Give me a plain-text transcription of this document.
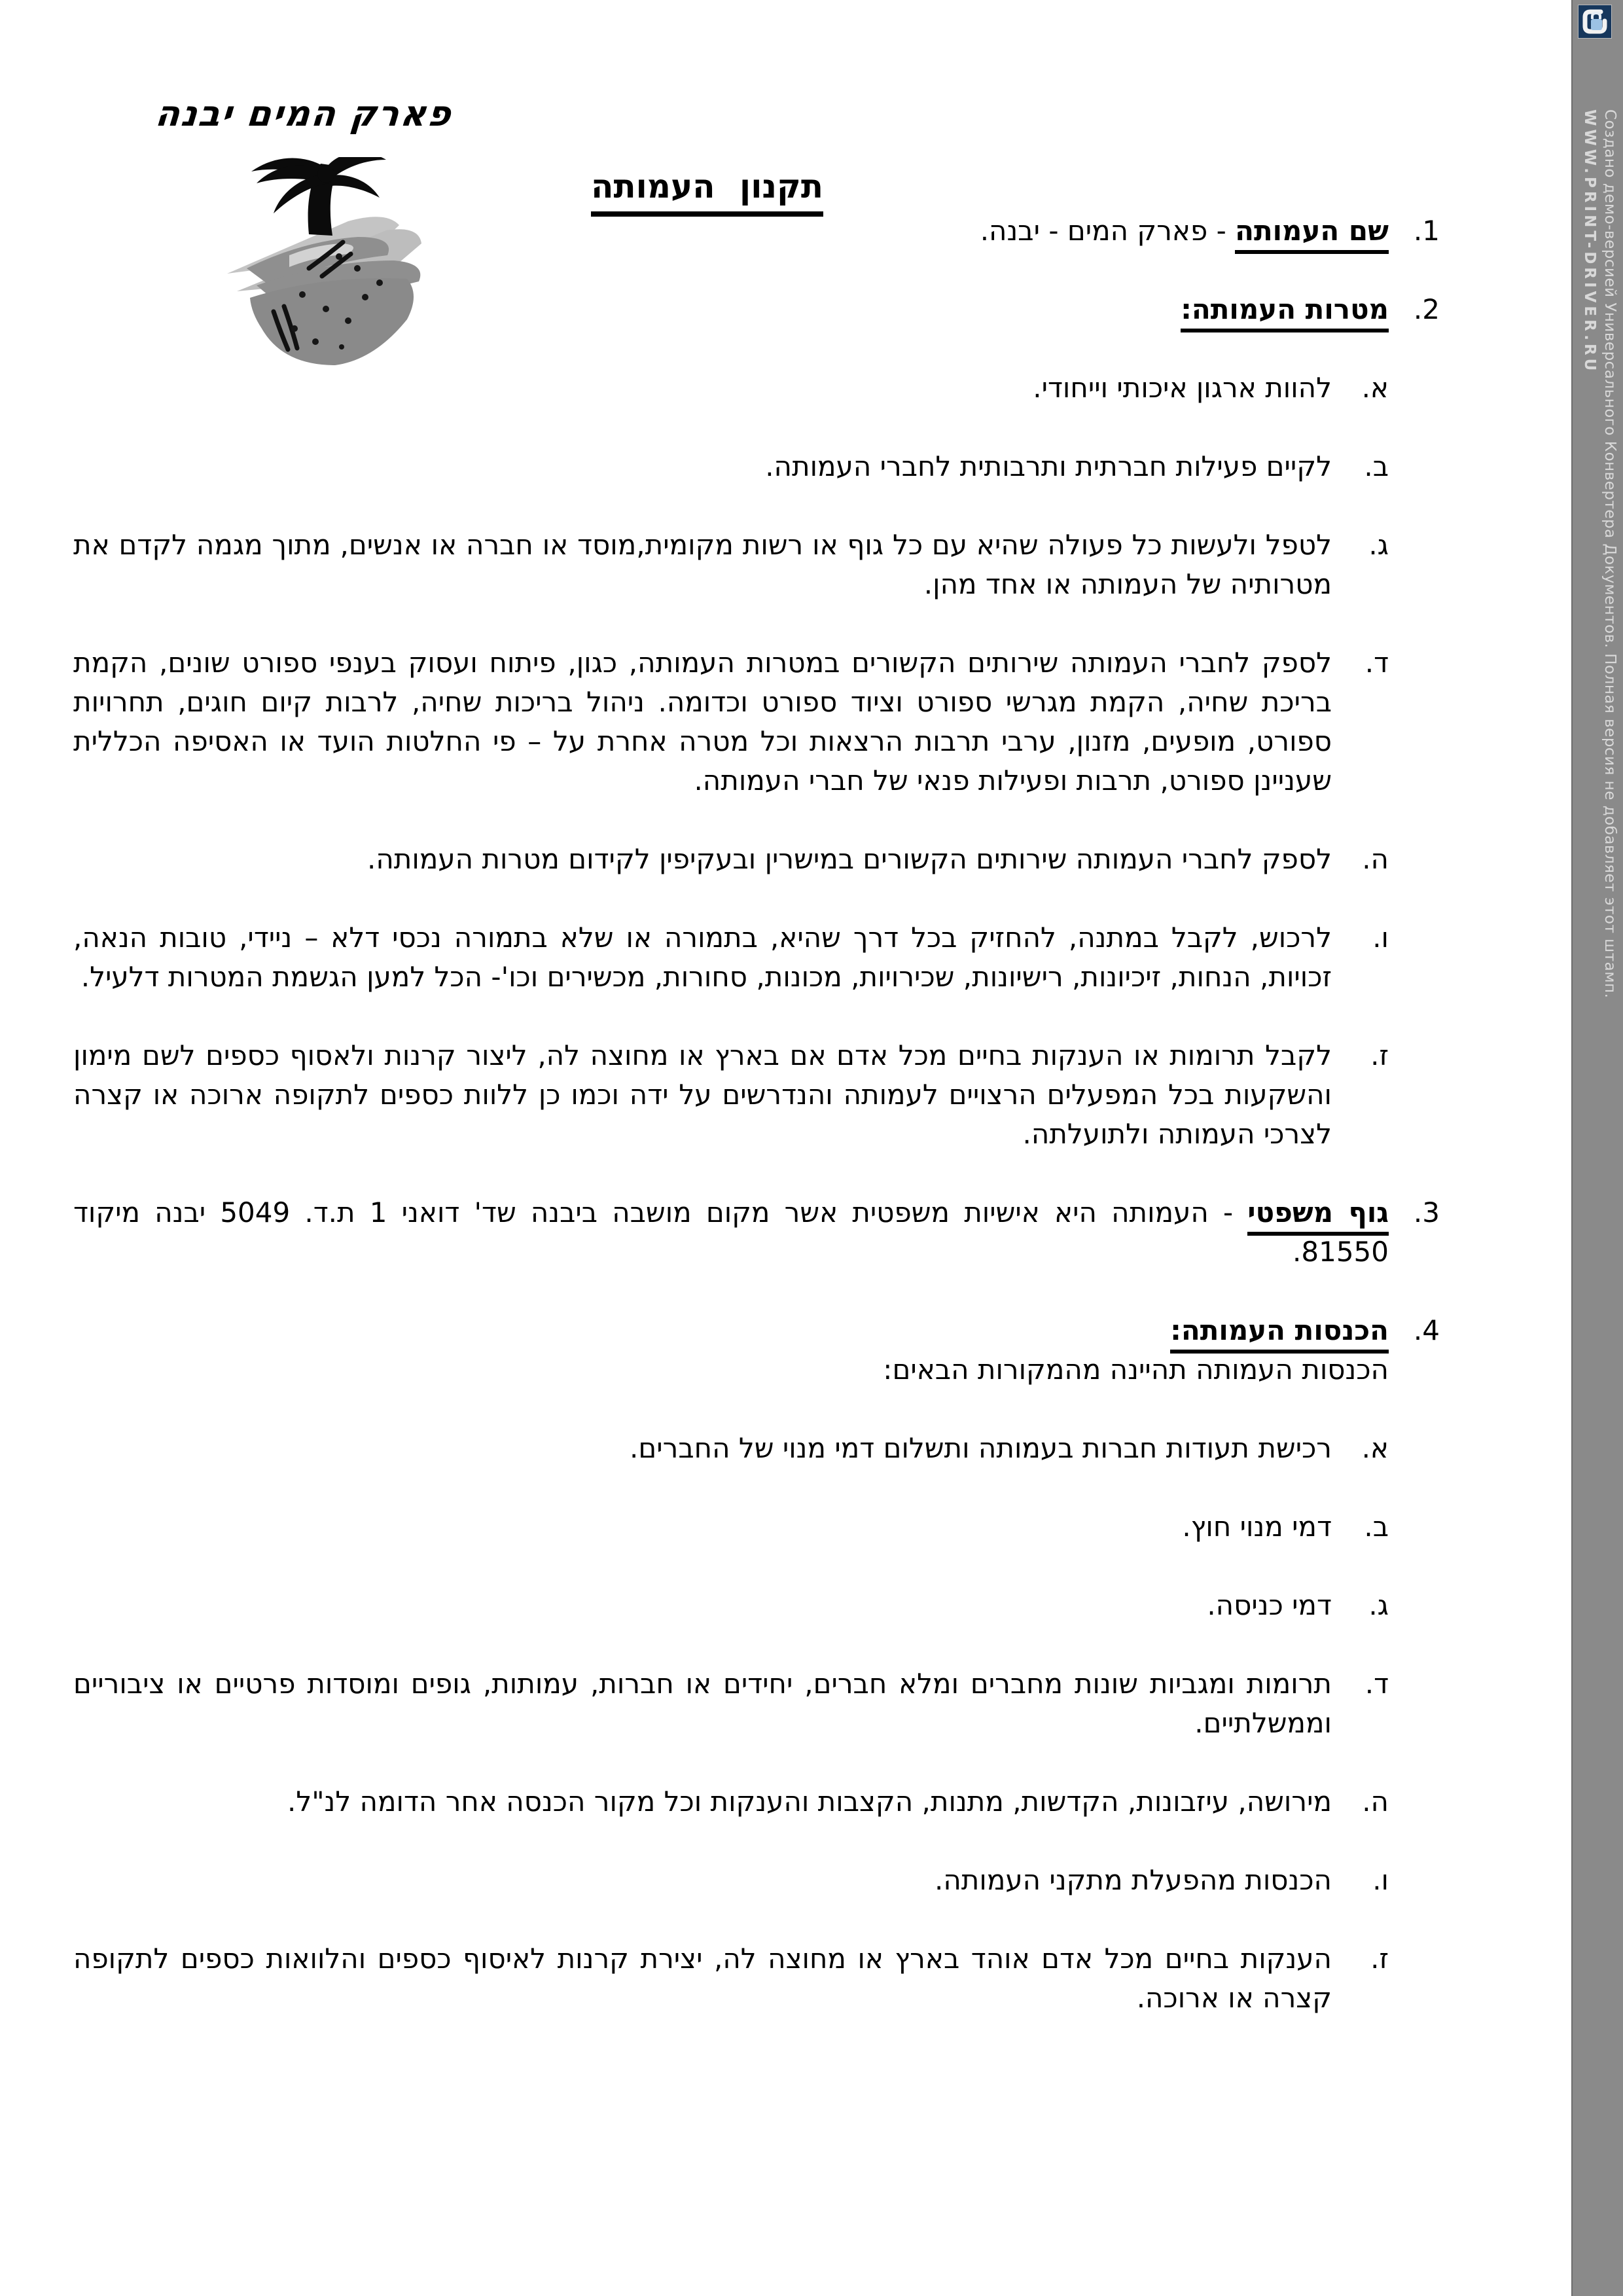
פארק המים יבנה
תקנון העמותה
1.
שם העמותה - פארק המים - יבנה.
2.
מטרות העמותה:
א.
להוות ארגון איכותי וייחודי.
ב.
לקיים פעילות חברתית ותרבותית לחברי העמותה.
ג.
לטפל ולעשות כל פעולה שהיא עם כל גוף או רשות מקומית,מוסד או חברה או אנשים, מתוך מגמה לקדם את מטרותיה של העמותה או אחד מהן.
ד.
לספק לחברי העמותה שירותים הקשורים במטרות העמותה, כגון, פיתוח ועסוק בענפי ספורט שונים, הקמת בריכת שחיה, הקמת מגרשי ספורט וציוד ספורט וכדומה. ניהול בריכות שחיה, לרבות קיום חוגים, תחרויות ספורט, מופעים, מזנון, ערבי תרבות הרצאות וכל מטרה אחרת על – פי החלטות הועד או האסיפה הכללית שעניינן ספורט, תרבות ופעילות פנאי של חברי העמותה.
ה.
לספק לחברי העמותה שירותים הקשורים במישרין ובעקיפין לקידום מטרות העמותה.
ו.
לרכוש, לקבל במתנה, להחזיק בכל דרך שהיא, בתמורה או שלא בתמורה נכסי דלא – ניידי, טובות הנאה, זכויות, הנחות, זיכיונות, רישיונות, שכירויות, מכונות, סחורות, מכשירים וכו'- הכל למען הגשמת המטרות דלעיל.
ז.
לקבל תרומות או הענקות בחיים מכל אדם אם בארץ או מחוצה לה, ליצור קרנות ולאסוף כספים לשם מימון והשקעות בכל המפעלים הרצויים לעמותה והנדרשים על ידה וכמו כן ללוות כספים לתקופה ארוכה או קצרה לצרכי העמותה ולתועלתה.
3.
גוף משפטי - העמותה היא אישיות משפטית אשר מקום מושבה ביבנה שד' דואני 1 ת.ד. 5049 יבנה מיקוד 81550.
4.
הכנסות העמותה:
הכנסות העמותה תהיינה מהמקורות הבאים:
א.
רכישת תעודות חברות בעמותה ותשלום דמי מנוי של החברים.
ב.
דמי מנוי חוץ.
ג.
דמי כניסה.
ד.
תרומות ומגביות שונות מחברים ומלא חברים, יחידים או חברות, עמותות, גופים ומוסדות פרטיים או ציבוריים וממשלתיים.
ה.
מירושה, עיזבונות, הקדשות, מתנות, הקצבות והענקות וכל מקור הכנסה אחר הדומה לנ"ל.
ו.
הכנסות מהפעלת מתקני העמותה.
ז.
הענקות בחיים מכל אדם אוהד בארץ או מחוצה לה, יצירת קרנות לאיסוף כספים והלוואות כספים לתקופה קצרה או ארוכה.
Создано демо-версией Универсального Конвертера Документов. Полная версия не добавляет этот штамп.
WWW.PRINT-DRIVER.RU
